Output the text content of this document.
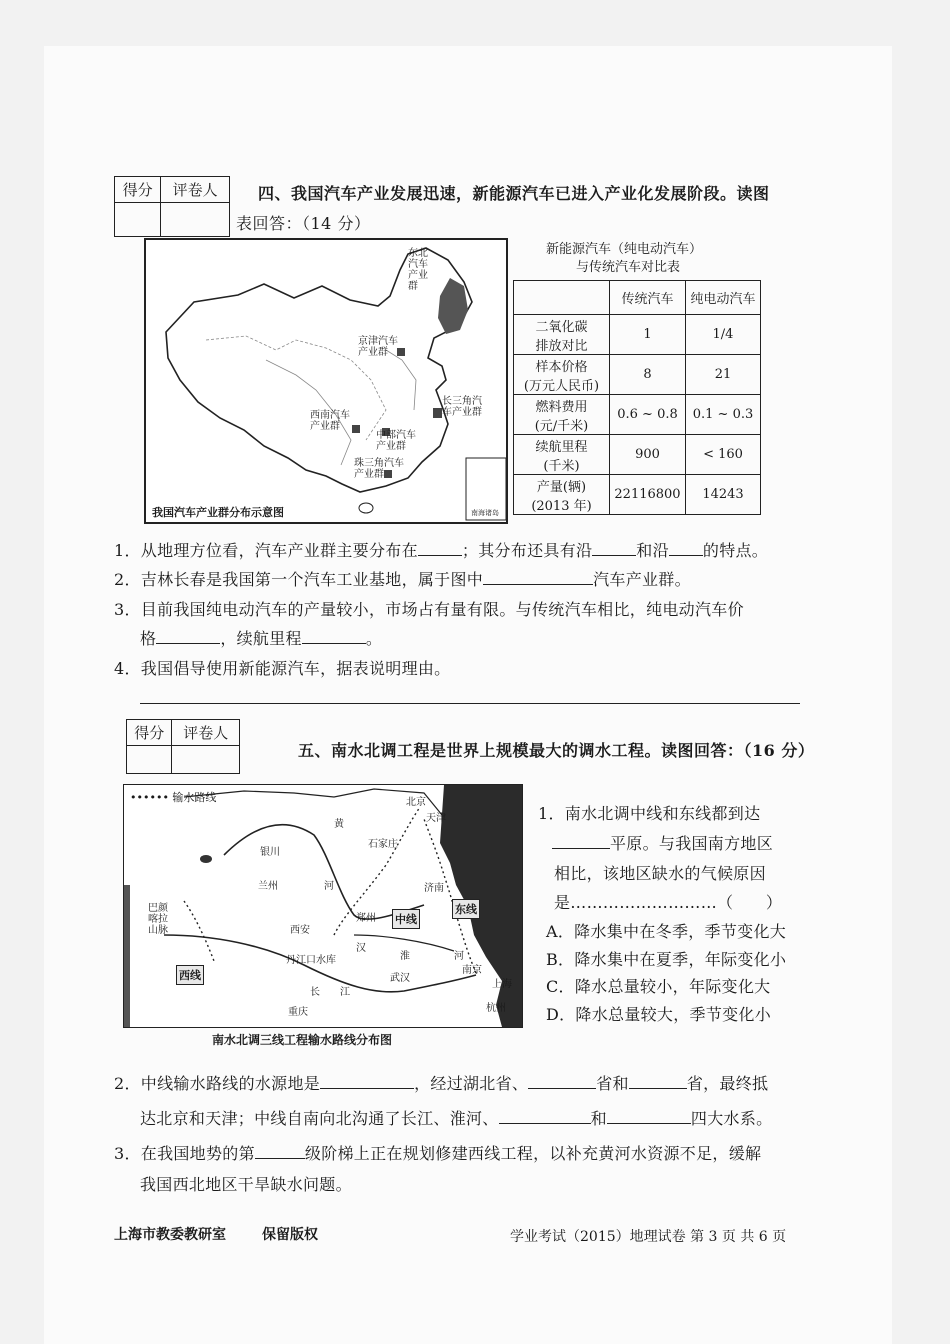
得分	评卷人
		四、我国汽车产业发展迅速，新能源汽车已进入产业化发展阶段。读图
表回答：（14 分）
东北汽车产业群
京津汽车产业群
长三角汽车产业群
西南汽车产业群
中部汽车产业群
珠三角汽车产业群
南海诸岛
我国汽车产业群分布示意图
新能源汽车（纯电动汽车）
与传统汽车对比表
	传统汽车	纯电动汽车

二氧化碳
排放对比	1	1/4

样本价格
(万元人民币)	8	21

燃料费用
(元/千米)	0.6 ~ 0.8	0.1 ~ 0.3

续航里程
(千米)	900	< 160

产量(辆)
(2013 年)	22116800	14243
1．从地理方位看，汽车产业群主要分布在	；其分布还具有沿	和沿 的特点。
2．吉林长春是我国第一个汽车工业基地，属于图中	汽车产业群。
3．目前我国纯电动汽车的产量较小，市场占有量有限。与传统汽车相比，纯电动汽车价
格	，续航里程	。
4．我国倡导使用新能源汽车，据表说明理由。
得分	评卷人

五、南水北调工程是世界上规模最大的调水工程。读图回答：（16 分）
•••••• 输水路线	北京
天津
石家庄
银川
兰州	济南
郑州
西安
武汉
南京
上海
杭州
重庆
黄
河
汉
淮	河
长 江
丹江口水库
巴颜喀拉山脉
中线
东线
西线
南水北调三线工程输水路线分布图
1．南水北调中线和东线都到达
平原。与我国南方地区
相比，该地区缺水的气候原因
是………………………（　　）
A．降水集中在冬季，季节变化大
B．降水集中在夏季，年际变化小
C．降水总量较小，年际变化大
D．降水总量较大，季节变化小
2．中线输水路线的水源地是	，经过湖北省、	省和	省，最终抵
达北京和天津；中线自南向北沟通了长江、淮河、	和	四大水系。
3．在我国地势的第	级阶梯上正在规划修建西线工程，以补充黄河水资源不足，缓解
我国西北地区干旱缺水问题。
上海市教委教研室	保留版权	学业考试（2015）地理试卷 第 3 页 共 6 页
